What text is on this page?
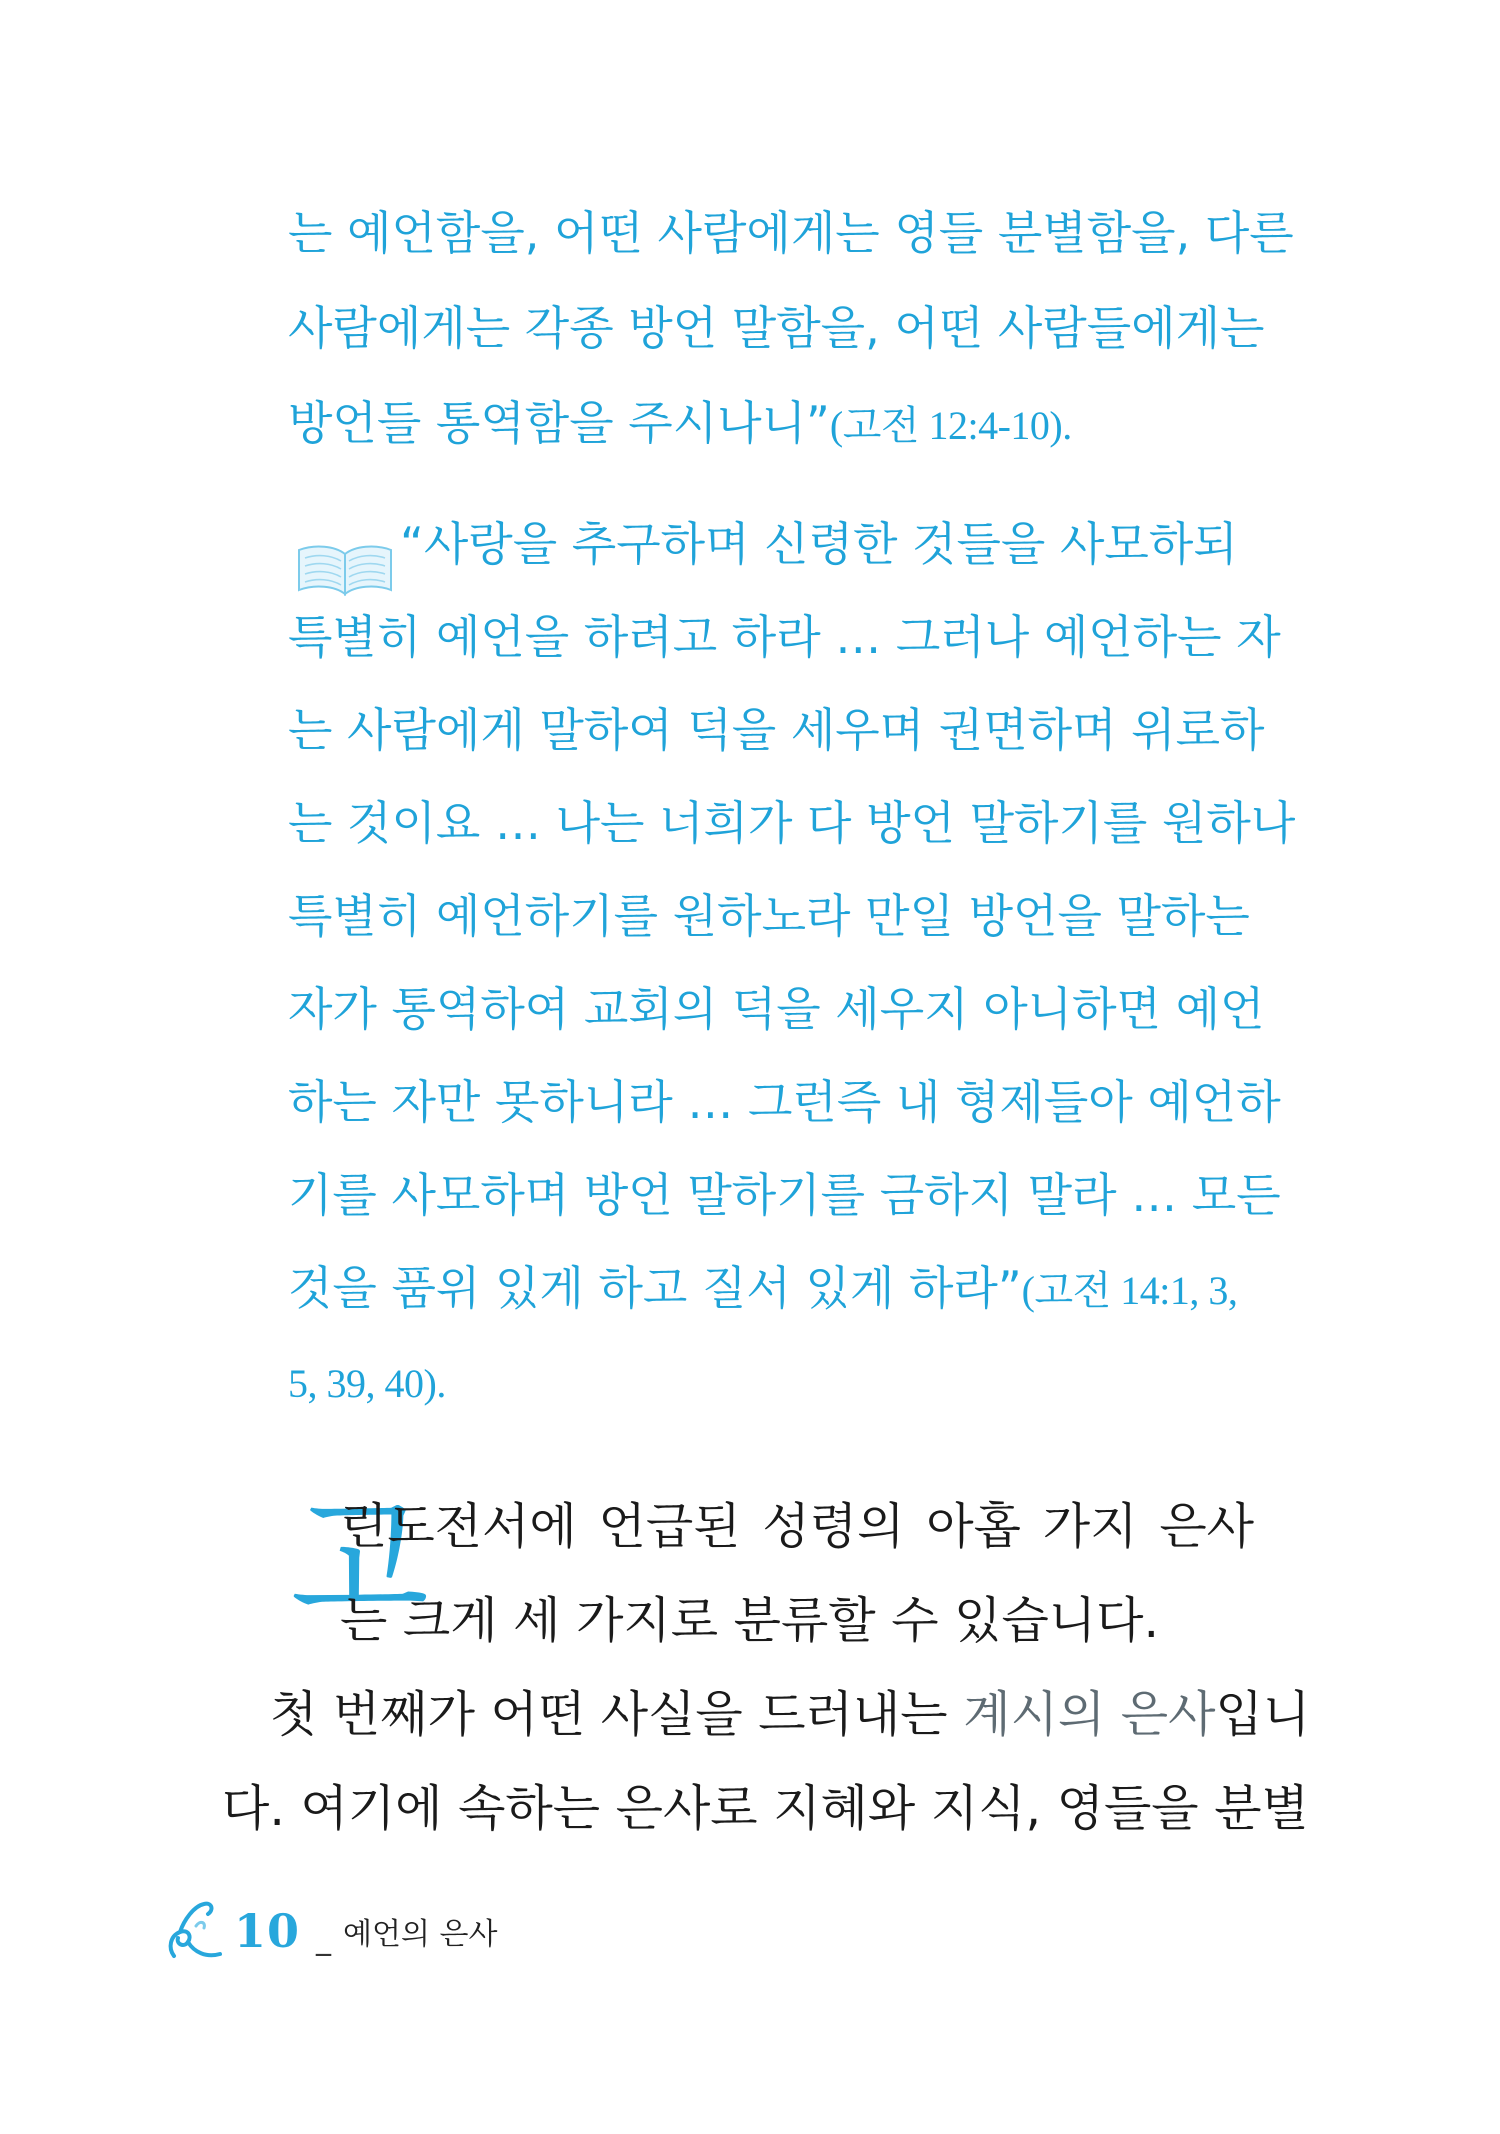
는 예언함을, 어떤 사람에게는 영들 분별함을, 다른
사람에게는 각종 방언 말함을, 어떤 사람들에게는
방언들 통역함을 주시나니”(고전 12:4-10).
“사랑을 추구하며 신령한 것들을 사모하되
특별히 예언을 하려고 하라 … 그러나 예언하는 자
는 사람에게 말하여 덕을 세우며 권면하며 위로하
는 것이요 … 나는 너희가 다 방언 말하기를 원하나
특별히 예언하기를 원하노라 만일 방언을 말하는
자가 통역하여 교회의 덕을 세우지 아니하면 예언
하는 자만 못하니라 … 그런즉 내 형제들아 예언하
기를 사모하며 방언 말하기를 금하지 말라 … 모든
것을 품위 있게 하고 질서 있게 하라”(고전 14:1, 3,
5, 39, 40).
고
린도전서에 언급된 성령의 아홉 가지 은사
는 크게 세 가지로 분류할 수 있습니다.
첫 번째가 어떤 사실을 드러내는 계시의 은사입니
다. 여기에 속하는 은사로 지혜와 지식, 영들을 분별
10 _ 예언의 은사
